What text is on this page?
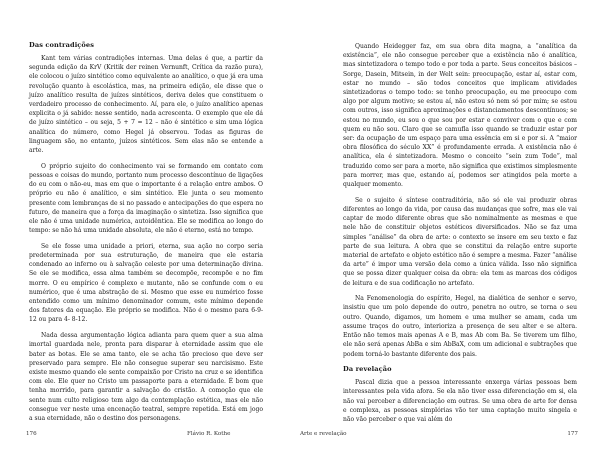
Das contradições

Kant tem várias contradições internas. Uma delas é que, a partir da segunda edição da KrV (Kritik der reinen Vernunft, Crítica da razão pura), ele colocou o juízo sintético como equivalente ao analítico, o que já era uma revolução quanto à escolástica, mas, na primeira edição, ele disse que o juízo analítico resulta de juízes sintéticos, deriva deles que constituem o verdadeiro processo de conhecimento. Aí, para ele, o juízo analítico apenas explicita o já sabido: nesse sentido, nada acrescenta. O exemplo que ele dá de juízo sintético – ou seja, 5 + 7 = 12 – não é sintético e sim uma lógica analítica do número, como Hegel já observou. Todas as figuras de linguagem são, no entanto, juízos sintéticos. Sem elas não se entende a arte.

O próprio sujeito do conhecimento vai se formando em contato com pessoas e coisas do mundo, portanto num processo descontínuo de ligações do eu com o não-eu, mas em que o importante é a relação entre ambos. O próprio eu não é analítico, e sim sintético. Ele junta o seu momento presente com lembranças de si no passado e antecipações do que espera no futuro, de maneira que a força da imaginação o sintetiza. Isso significa que ele não é uma unidade numérica, autoidêntica. Ele se modifica ao longo do tempo: se não há uma unidade absoluta, ele não é eterno, está no tempo.

Se ele fosse uma unidade a priori, eterna, sua ação no corpo seria predeterminada por sua estruturação, de maneira que ele estaria condenado ao inferno ou à salvação celeste por uma determinação divina. Se ele se modifica, essa alma também se decompõe, recompõe e no fim morre. O eu empírico é complexo e mutante, não se confunde com o eu numérico, que é uma abstração de si. Mesmo que esse eu numérico fosse entendido como um mínimo denominador comum, este mínimo depende dos fatores da equação. Ele próprio se modifica. Não é o mesmo para 6-9-12 ou para 4- 8-12.

Nada dessa argumentação lógica adianta para quem quer a sua alma imortal guardada nele, pronta para disparar à eternidade assim que ele bater as botas. Ele se ama tanto, ele se acha tão precioso que deve ser preservado para sempre. Ele não consegue superar seu narcisismo. Este existe mesmo quando ele sente compaixão por Cristo na cruz e se identifica com ele. Ele quer no Cristo um passaporte para a eternidade. É bom que tenha morrido, para garantir a salvação do cristão. A comoção que ele sente num culto religioso tem algo da contemplação estética, mas ele não consegue ver neste uma encenação teatral, sempre repetida. Está em jogo a sua eternidade, não o destino dos personagens.

176	Flávio R. Kothe

Quando Heidegger faz, em sua obra dita magna, a “analítica da existência”, ele não consegue perceber que a existência não é analítica, mas sintetizadora o tempo todo e por toda a parte. Seus conceitos básicos – Sorge, Dasein, Mitsein, in der Welt sein: preocupação, estar aí, estar com, estar no mundo – são todos conceitos que implicam atividades sintetizadoras o tempo todo: se tenho preocupação, eu me preocupo com algo por algum motivo; se estou aí, não estou só nem só por mim; se estou com outros, isso significa aproximações e distanciamentos descontínuos; se estou no mundo, eu sou o que sou por estar e conviver com o que e com quem eu não sou. Claro que se camufla isso quando se traduzir estar por ser: da ocupação de um espaço para uma essência em si e por si. A “maior obra filosófica do século XX” é profundamente errada. A existência não é analítica, ela é sintetizadora. Mesmo o conceito “sein zum Tode”, mal traduzido como ser para a morte, não significa que existimos simplesmente para morrer, mas que, estando aí, podemos ser atingidos pela morte a qualquer momento.

Se o sujeito é síntese contraditória, não só ele vai produzir obras diferentes ao longo da vida, por causa das mudanças que sofre, mas ele vai captar de modo diferente obras que são nominalmente as mesmas e que nele hão de constituir objetos estéticos diversificados. Não se faz uma simples “análise” da obra de arte: o contexto se insere em seu texto e faz parte de sua leitura. A obra que se constitui da relação entre suporte material de artefato e objeto estético não é sempre a mesma. Fazer “análise da arte” é impor uma versão dela como a única válida. Isso não significa que se possa dizer qualquer coisa da obra: ela tem as marcas dos códigos de leitura e de sua codificação no artefato.

Na Fenomenologia do espírito, Hegel, na dialética de senhor e servo, insistiu que um polo depende do outro, penetra no outro, se torna o seu outro. Quando, digamos, um homem e uma mulher se amam, cada um assume traços do outro, interioriza a presença de seu alter e se altera. Então não temos mais apenas A e B, mas Ab com Ba. Se tiverem um filho, ele não será apenas AbBa e sim AbBaX, com um adicional e subtrações que podem torná-lo bastante diferente dos pais.

Da revelação

Pascal dizia que a pessoa interessante enxerga várias pessoas bem interessantes pela vida afora. Se ela não tiver essa diferenciação em si, ela não vai perceber a diferenciação em outras. Se uma obra de arte for densa e complexa, as pessoas simplórias vão ter uma captação muito singela e não vão perceber o que vai além do

Arte e revelação	177
